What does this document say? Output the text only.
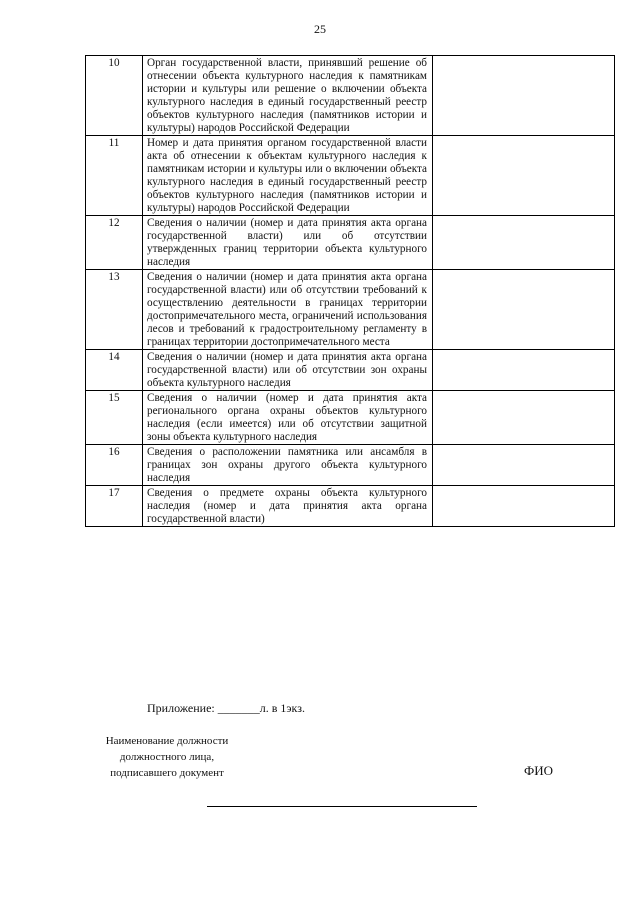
25
10	Орган государственной власти, принявший решение об отнесении объекта культурного наследия к памятникам истории и культуры или решение о включении объекта культурного наследия в единый государственный реестр объектов культурного наследия (памятников истории и культуры) народов Российской Федерации	
11	Номер и дата принятия органом государственной власти акта об отнесении к объектам культурного наследия к памятникам истории и культуры или о включении объекта культурного наследия в единый государственный реестр объектов культурного наследия (памятников истории и культуры) народов Российской Федерации	
12	Сведения о наличии (номер и дата принятия акта органа государственной власти) или об отсутствии утвержденных границ территории объекта культурного наследия	
13	Сведения о наличии (номер и дата принятия акта органа государственной власти) или об отсутствии требований к осуществлению деятельности в границах территории достопримечательного места, ограничений использования лесов и требований к градостроительному регламенту в границах территории достопримечательного места	
14	Сведения о наличии (номер и дата принятия акта органа государственной власти) или об отсутствии зон охраны объекта культурного наследия	
15	Сведения о наличии (номер и дата принятия акта регионального органа охраны объектов культурного наследия (если имеется) или об отсутствии защитной зоны объекта культурного наследия	
16	Сведения о расположении памятника или ансамбля в границах зон охраны другого объекта культурного наследия	
17	Сведения о предмете охраны объекта культурного наследия (номер и дата принятия акта органа государственной власти)	
Приложение: _______л. в 1экз.
Наименование должности
должностного лица,
подписавшего документ	ФИО
